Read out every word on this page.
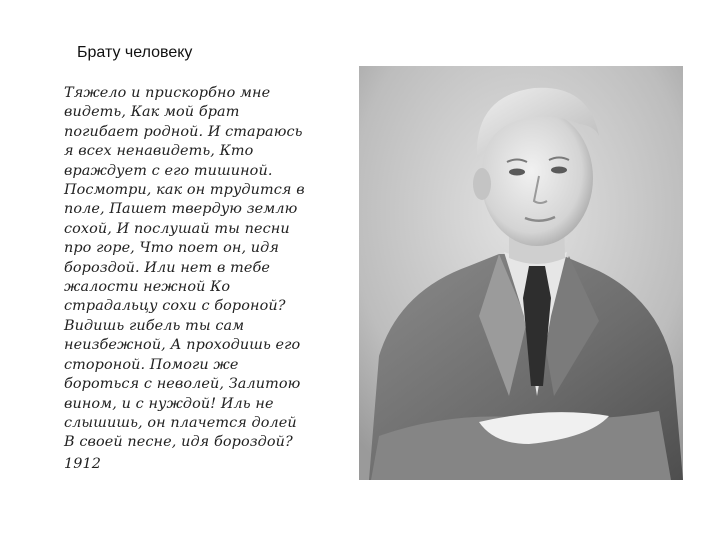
Брату человеку
Тяжело и прискорбно мне
видеть, Как мой брат
погибает родной. И стараюсь
я всех ненавидеть, Кто
враждует с его тишиной.
Посмотри, как он трудится в
поле, Пашет твердую землю
сохой, И послушай ты песни
про горе, Что поет он, идя
бороздой. Или нет в тебе
жалости нежной Ко
страдальцу сохи с бороной?
Видишь гибель ты сам
неизбежной, А проходишь его
стороной. Помоги же
бороться с неволей, Залитою
вином, и с нуждой! Иль не
слышишь, он плачется долей
В своей песне, идя бороздой?
1912
